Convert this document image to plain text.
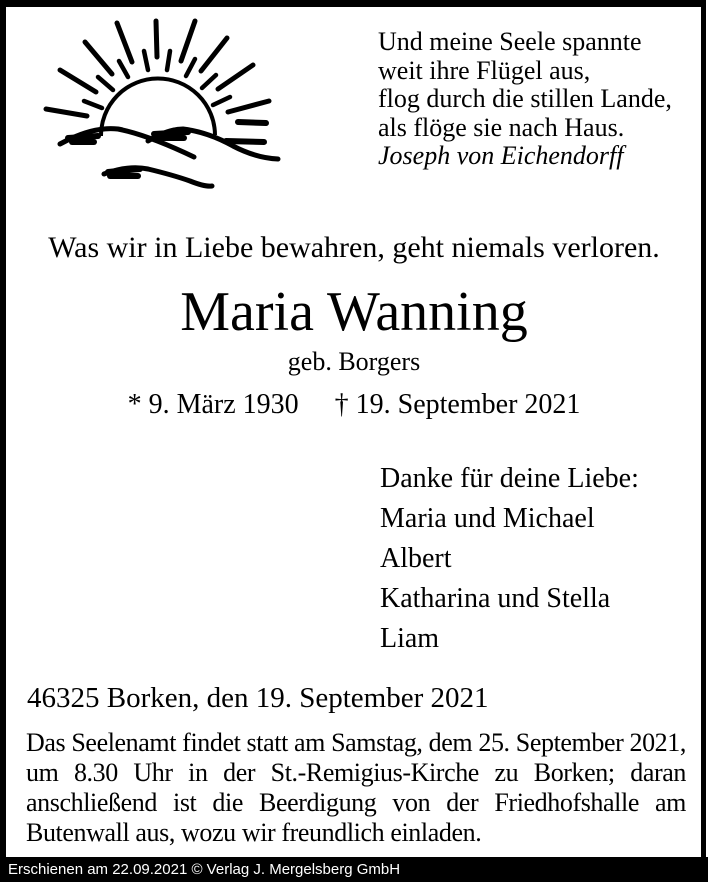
Und meine Seele spannte
weit ihre Flügel aus,
flog durch die stillen Lande,
als flöge sie nach Haus.
Joseph von Eichendorff
Was wir in Liebe bewahren, geht niemals verloren.
Maria Wanning
geb. Borgers
* 9. März 1930 † 19. September 2021
Danke für deine Liebe:
Maria und Michael
Albert
Katharina und Stella
Liam
46325 Borken, den 19. September 2021

Das Seelenamt findet statt am Samstag, dem 25. September 2021, um 8.30 Uhr in der St.-Remigius-Kirche zu Borken; daran anschließend ist die Beerdigung von der Friedhofshalle am Butenwall aus, wozu wir freundlich einladen.

Erschienen am 22.09.2021 © Verlag J. Mergelsberg GmbH
